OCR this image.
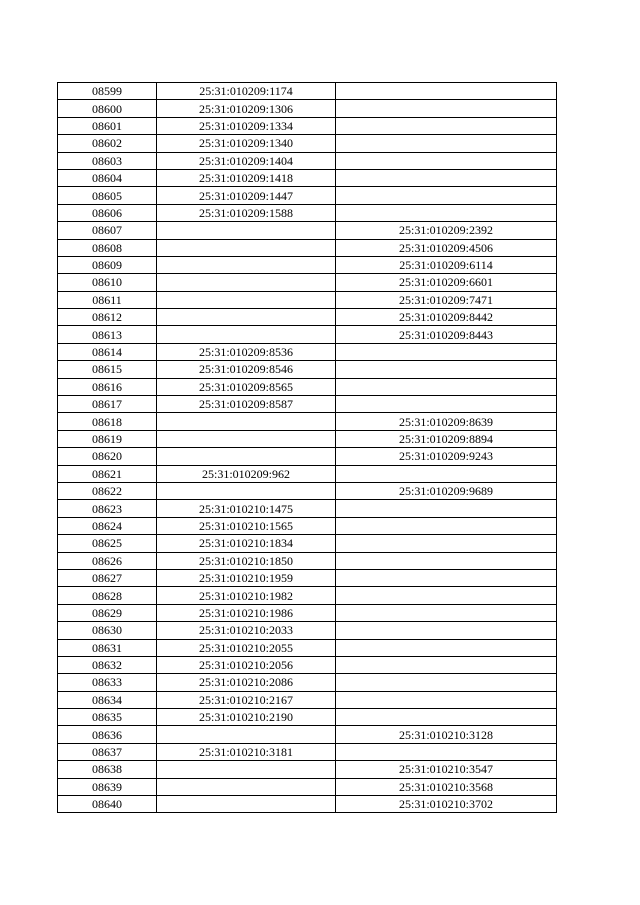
08599	25:31:010209:1174	
08600	25:31:010209:1306	
08601	25:31:010209:1334	
08602	25:31:010209:1340	
08603	25:31:010209:1404	
08604	25:31:010209:1418	
08605	25:31:010209:1447	
08606	25:31:010209:1588	
08607		25:31:010209:2392
08608		25:31:010209:4506
08609		25:31:010209:6114
08610		25:31:010209:6601
08611		25:31:010209:7471
08612		25:31:010209:8442
08613		25:31:010209:8443
08614	25:31:010209:8536	
08615	25:31:010209:8546	
08616	25:31:010209:8565	
08617	25:31:010209:8587	
08618		25:31:010209:8639
08619		25:31:010209:8894
08620		25:31:010209:9243
08621	25:31:010209:962	
08622		25:31:010209:9689
08623	25:31:010210:1475	
08624	25:31:010210:1565	
08625	25:31:010210:1834	
08626	25:31:010210:1850	
08627	25:31:010210:1959	
08628	25:31:010210:1982	
08629	25:31:010210:1986	
08630	25:31:010210:2033	
08631	25:31:010210:2055	
08632	25:31:010210:2056	
08633	25:31:010210:2086	
08634	25:31:010210:2167	
08635	25:31:010210:2190	
08636		25:31:010210:3128
08637	25:31:010210:3181	
08638		25:31:010210:3547
08639		25:31:010210:3568
08640		25:31:010210:3702
